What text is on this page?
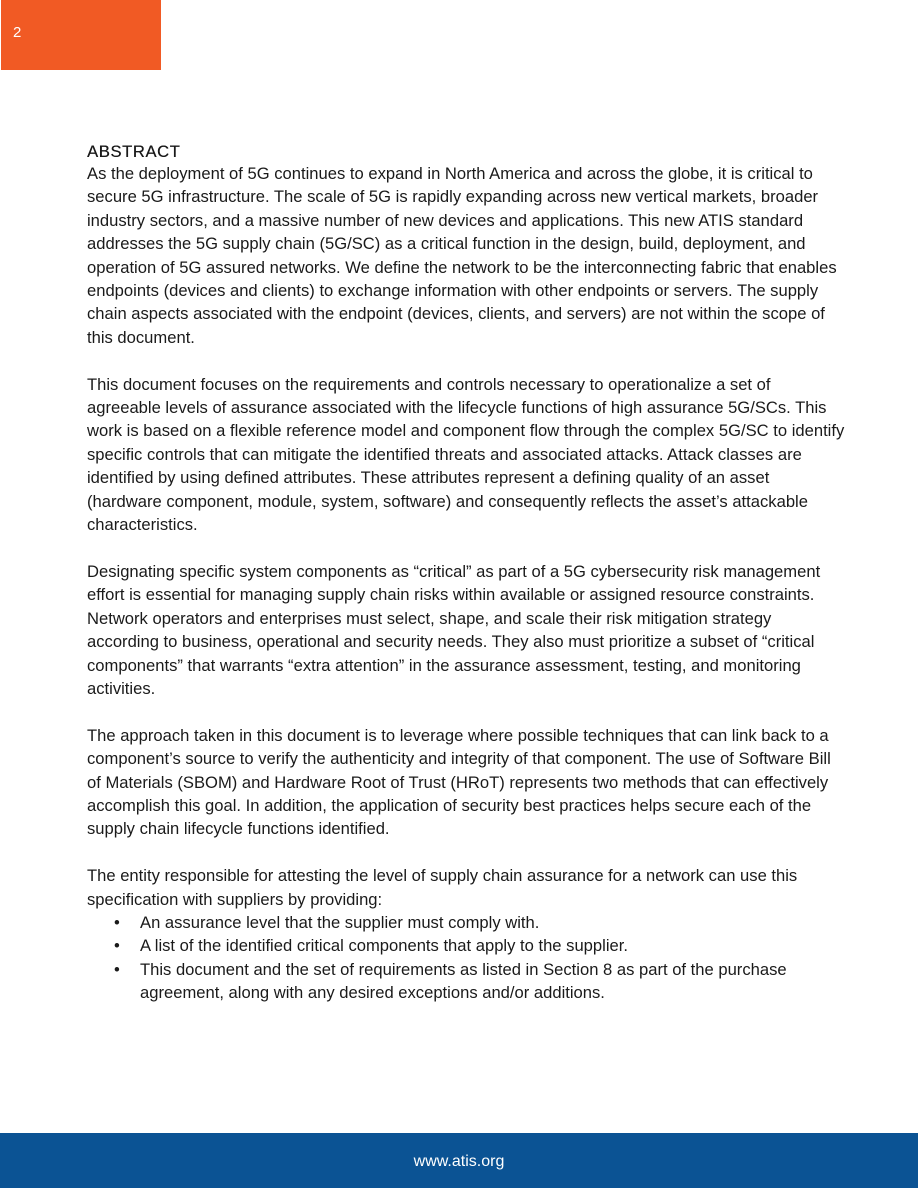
2
ABSTRACT

As the deployment of 5G continues to expand in North America and across the globe, it is critical to secure 5G infrastructure. The scale of 5G is rapidly expanding across new vertical markets, broader industry sectors, and a massive number of new devices and applications. This new ATIS standard addresses the 5G supply chain (5G/SC) as a critical function in the design, build, deployment, and operation of 5G assured networks. We define the network to be the interconnecting fabric that enables endpoints (devices and clients) to exchange information with other endpoints or servers. The supply chain aspects associated with the endpoint (devices, clients, and servers) are not within the scope of this document.

This document focuses on the requirements and controls necessary to operationalize a set of agreeable levels of assurance associated with the lifecycle functions of high assurance 5G/SCs. This work is based on a flexible reference model and component flow through the complex 5G/SC to identify specific controls that can mitigate the identified threats and associated attacks. Attack classes are identified by using defined attributes. These attributes represent a defining quality of an asset (hardware component, module, system, software) and consequently reflects the asset’s attackable characteristics.

Designating specific system components as “critical” as part of a 5G cybersecurity risk management effort is essential for managing supply chain risks within available or assigned resource constraints. Network operators and enterprises must select, shape, and scale their risk mitigation strategy according to business, operational and security needs. They also must prioritize a subset of “critical components” that warrants “extra attention” in the assurance assessment, testing, and monitoring activities.

The approach taken in this document is to leverage where possible techniques that can link back to a component’s source to verify the authenticity and integrity of that component. The use of Software Bill of Materials (SBOM) and Hardware Root of Trust (HRoT) represents two methods that can effectively accomplish this goal. In addition, the application of security best practices helps secure each of the supply chain lifecycle functions identified.

The entity responsible for attesting the level of supply chain assurance for a network can use this specification with suppliers by providing:

• An assurance level that the supplier must comply with.
• A list of the identified critical components that apply to the supplier.
• This document and the set of requirements as listed in Section 8 as part of the purchase agreement, along with any desired exceptions and/or additions.
www.atis.org
